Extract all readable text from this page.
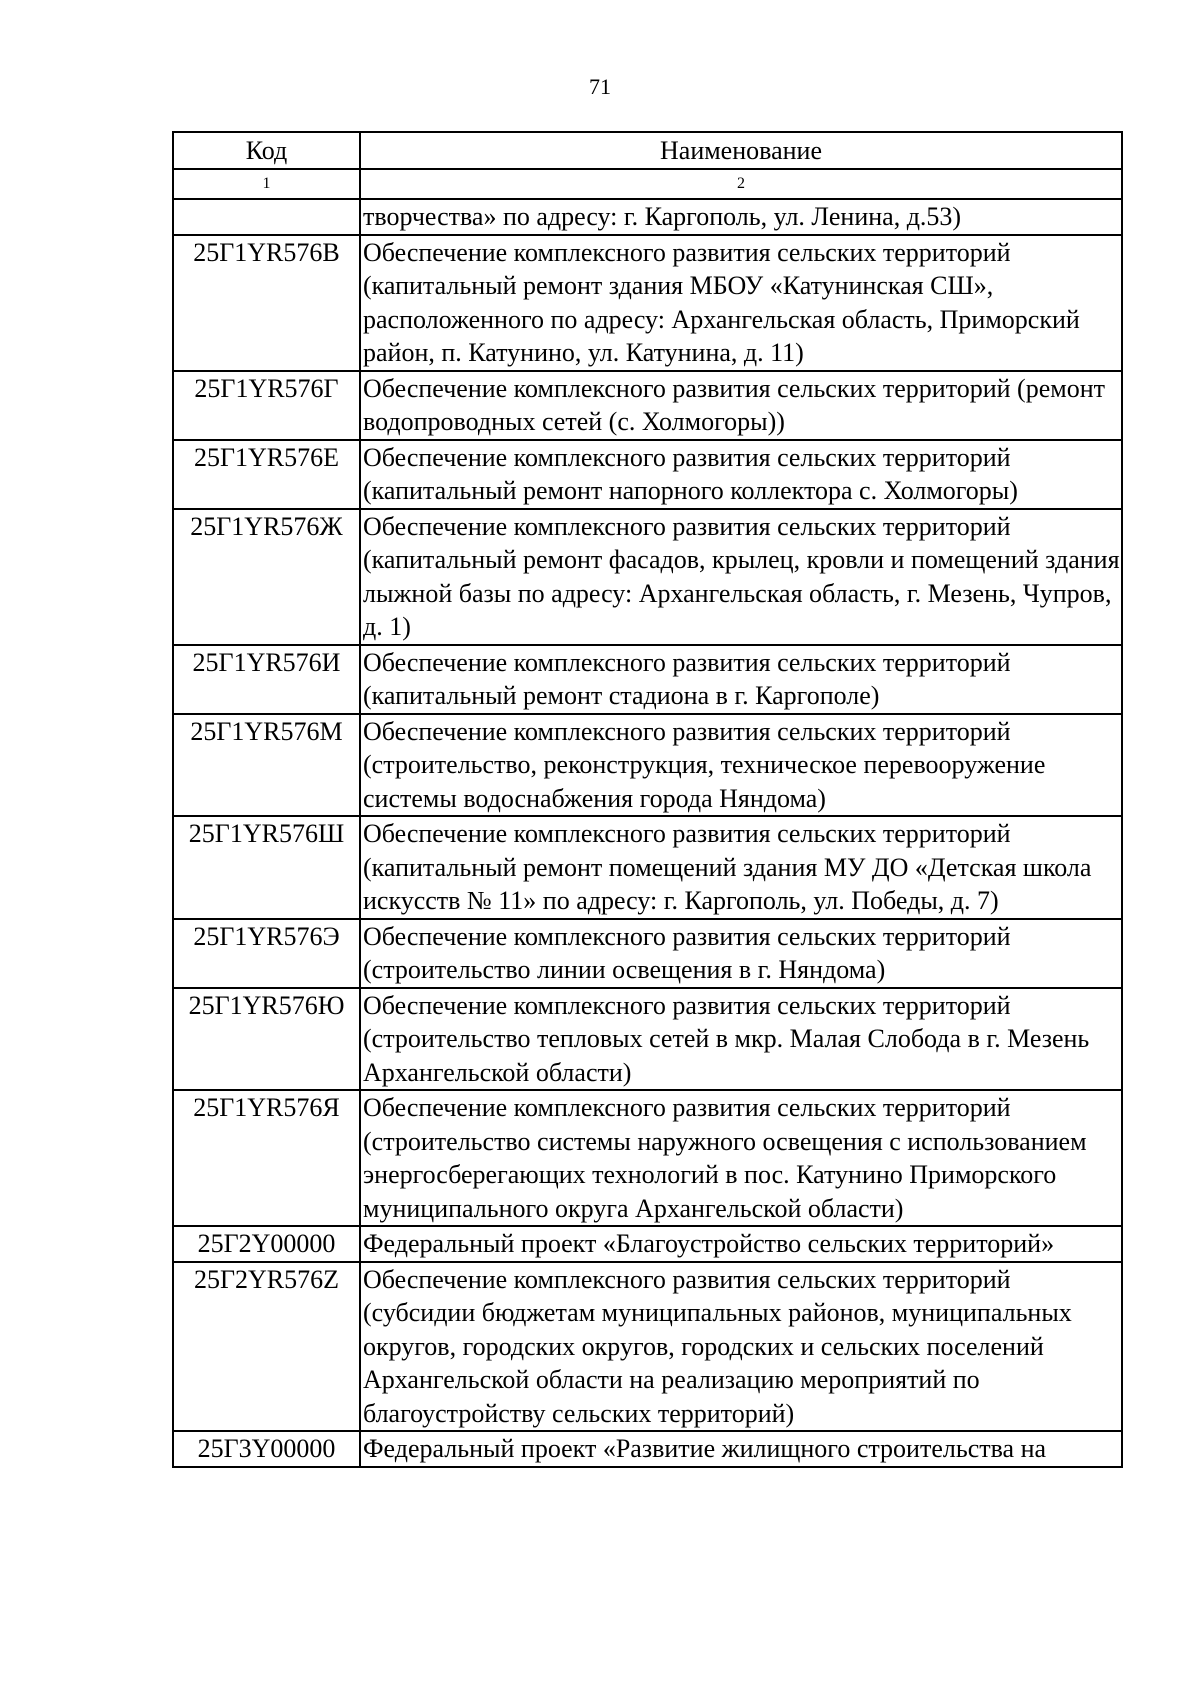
71
Код	Наименование
1	2
	творчества» по адресу: г. Каргополь, ул. Ленина, д.53)
25Г1YR576В	Обеспечение комплексного развития сельских территорий (капитальный ремонт здания МБОУ «Катунинская СШ», расположенного по адресу: Архангельская область, Приморский район, п. Катунино, ул. Катунина, д. 11)
25Г1YR576Г	Обеспечение комплексного развития сельских территорий (ремонт водопроводных сетей (с. Холмогоры))
25Г1YR576Е	Обеспечение комплексного развития сельских территорий (капитальный ремонт напорного коллектора с. Холмогоры)
25Г1YR576Ж	Обеспечение комплексного развития сельских территорий (капитальный ремонт фасадов, крылец, кровли и помещений здания лыжной базы по адресу: Архангельская область, г. Мезень, Чупров, д. 1)
25Г1YR576И	Обеспечение комплексного развития сельских территорий (капитальный ремонт стадиона в г. Каргополе)
25Г1YR576М	Обеспечение комплексного развития сельских территорий (строительство, реконструкция, техническое перевооружение системы водоснабжения города Няндома)
25Г1YR576Ш	Обеспечение комплексного развития сельских территорий (капитальный ремонт помещений здания МУ ДО «Детская школа искусств № 11» по адресу: г. Каргополь, ул. Победы, д. 7)
25Г1YR576Э	Обеспечение комплексного развития сельских территорий (строительство линии освещения в г. Няндома)
25Г1YR576Ю	Обеспечение комплексного развития сельских территорий (строительство тепловых сетей в мкр. Малая Слобода в г. Мезень Архангельской области)
25Г1YR576Я	Обеспечение комплексного развития сельских территорий (строительство системы наружного освещения с использованием энергосберегающих технологий в пос. Катунино Приморского муниципального округа Архангельской области)
25Г2Y00000	Федеральный проект «Благоустройство сельских территорий»
25Г2YR576Z	Обеспечение комплексного развития сельских территорий (субсидии бюджетам муниципальных районов, муниципальных округов, городских округов, городских и сельских поселений Архангельской области на реализацию мероприятий по благоустройству сельских территорий)
25Г3Y00000	Федеральный проект «Развитие жилищного строительства на
